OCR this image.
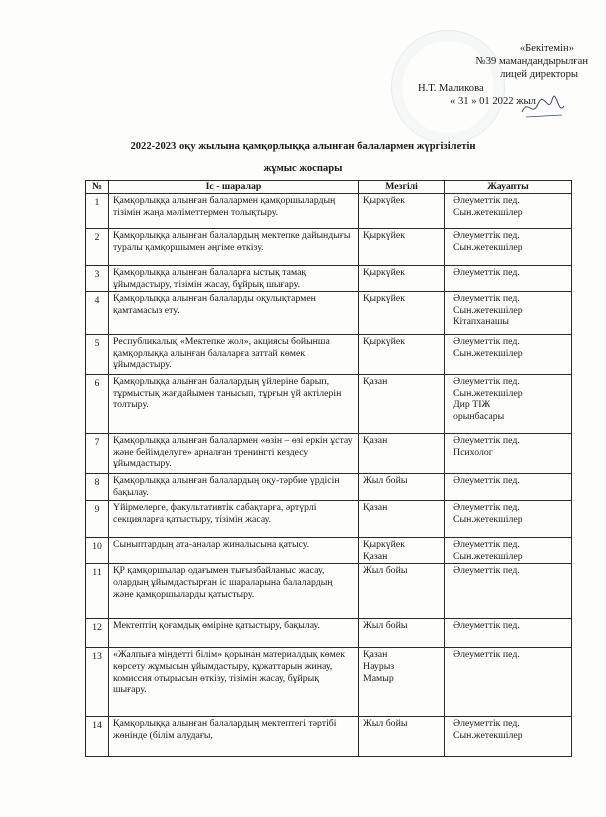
«Бекітемін»
№39 мамандандырылған
лицей директоры
Н.Т. Маликова
« 31 » 01 2022 жыл
2022-2023 оқу жылына қамқорлыққа алынған балалармен жүргізілетін
жұмыс жоспары
№	Іс - шаралар	Мезгілі	Жауапты
1	Қамқорлыққа алынған балалармен қамқоршылардың тізімін жаңа мәліметтермен толықтыру.	Қыркүйек	Әлеуметтік пед.
Сын.жетекшілер

2	Қамқорлыққа алынған балалардың мектепке дайындығы туралы қамқоршымен әңгіме өткізу.	Қыркүйек	Әлеуметтік пед.
Сын.жетекшілер

3	Қамқорлыққа алынған балаларға ыстық тамақ ұйымдастыру, тізімін жасау, бұйрық шығару.	Қыркүйек	Әлеуметтік пед.

4	Қамқорлыққа алынған балаларды оқулықтармен қамтамасыз ету.	Қыркүйек	Әлеуметтік пед.
Сын.жетекшілер
Кітапханашы

5	Республикалық «Мектепке жол», акциясы бойынша қамқорлыққа алынған балаларға заттай көмек ұйымдастыру.	Қыркүйек	Әлеуметтік пед.
Сын.жетекшілер

6	Қамқорлыққа алынған балалардың үйлеріне барып, тұрмыстық жағдайымен танысып, тұрғын үй актілерін толтыру.	Қазан	Әлеуметтік пед.
Сын.жетекшілер
Дир ТІЖ
орынбасары

7	Қамқорлыққа алынған балалармен «өзін – өзі еркін ұстау және бейімделуге» арналған тренингті кездесу ұйымдастыру.	Қазан	Әлеуметтік пед.
Психолог

8	Қамқорлыққа алынған балалардың оқу-тәрбие үрдісін бақылау.	Жыл бойы	Әлеуметтік пед.

9	Үйірмелерге, факультативтік сабақтарға, әртүрлі секцияларға қатыстыру, тізімін жасау.	Қазан	Әлеуметтік пед.
Сын.жетекшілер

10	Сыныптардың ата-аналар жиналысына қатысу.	Қыркүйек
Қазан	Әлеуметтік пед.
Сын.жетекшілер

11	ҚР қамқоршылар одағымен тығызбайланыс жасау, олардың ұйымдастырған іс шараларына балалардың және қамқоршыларды қатыстыру.	Жыл бойы	Әлеуметтік пед.

12	Мектептің қоғамдық өміріне қатыстыру, бақылау.	Жыл бойы	Әлеуметтік пед.

13	«Жалпыға міндетті білім» қорынан материалдық көмек көрсету жұмысын ұйымдастыру, құжаттарын жинау, комиссия отырысын өткізу, тізімін жасау, бұйрық шығару.	Қазан
Наурыз
Мамыр	Әлеуметтік пед.

14	Қамқорлыққа алынған балалардың мектептегі тәртібі жөнінде (білім алудағы,	Жыл бойы	Әлеуметтік пед.
Сын.жетекшілер
